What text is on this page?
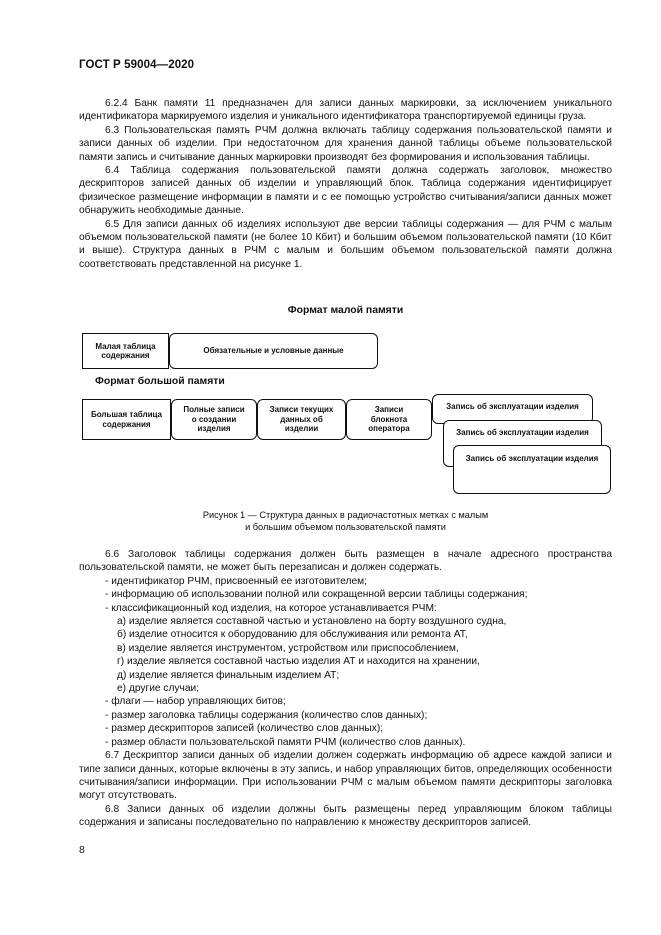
ГОСТ Р 59004—2020

6.2.4 Банк памяти 11 предназначен для записи данных маркировки, за исключением уникального идентификатора маркируемого изделия и уникального идентификатора транспортируемой единицы груза.

6.3 Пользовательская память РЧМ должна включать таблицу содержания пользовательской памяти и записи данных об изделии. При недостаточном для хранения данной таблицы объеме пользовательской памяти запись и считывание данных маркировки производят без формирования и использования таблицы.

6.4 Таблица содержания пользовательской памяти должна содержать заголовок, множество дескрипторов записей данных об изделии и управляющий блок. Таблица содержания идентифицирует физическое размещение информации в памяти и с ее помощью устройство считывания/записи данных может обнаружить необходимые данные.

6.5 Для записи данных об изделиях используют две версии таблицы содержания — для РЧМ с малым объемом пользовательской памяти (не более 10 Кбит) и большим объемом пользовательской памяти (10 Кбит и выше). Структура данных в РЧМ с малым и большим объемом пользовательской памяти должна соответствовать представленной на рисунке 1.

Формат малой памяти
Малая таблица содержания
Обязательные и условные данные
Формат большой памяти
Большая таблица содержания
Полные записи о создании изделия
Записи текущих данных об изделии
Записи блокнота оператора
Запись об эксплуатации изделия
Запись об эксплуатации изделия
Запись об эксплуатации изделия
Рисунок 1 — Структура данных в радиочастотных метках с малым
и большим объемом пользовательской памяти

6.6 Заголовок таблицы содержания должен быть размещен в начале адресного пространства пользовательской памяти, не может быть перезаписан и должен содержать.

- идентификатор РЧМ, присвоенный ее изготовителем;

- информацию об использовании полной или сокращенной версии таблицы содержания;

- классификационный код изделия, на которое устанавливается РЧМ:

а) изделие является составной частью и установлено на борту воздушного судна,

б) изделие относится к оборудованию для обслуживания или ремонта АТ,

в) изделие является инструментом, устройством или приспособлением,

г) изделие является составной частью изделия АТ и находится на хранении,

д) изделие является финальным изделием АТ;

е) другие случаи;

- флаги — набор управляющих битов;

- размер заголовка таблицы содержания (количество слов данных);

- размер дескрипторов записей (количество слов данных);

- размер области пользовательской памяти РЧМ (количество слов данных).

6.7 Дескриптор записи данных об изделии должен содержать информацию об адресе каждой записи и типе записи данных, которые включены в эту запись, и набор управляющих битов, определяющих особенности считывания/записи информации. При использовании РЧМ с малым объемом памяти дескрипторы заголовка могут отсутствовать.

6.8 Записи данных об изделии должны быть размещены перед управляющим блоком таблицы содержания и записаны последовательно по направлению к множеству дескрипторов записей.

8
